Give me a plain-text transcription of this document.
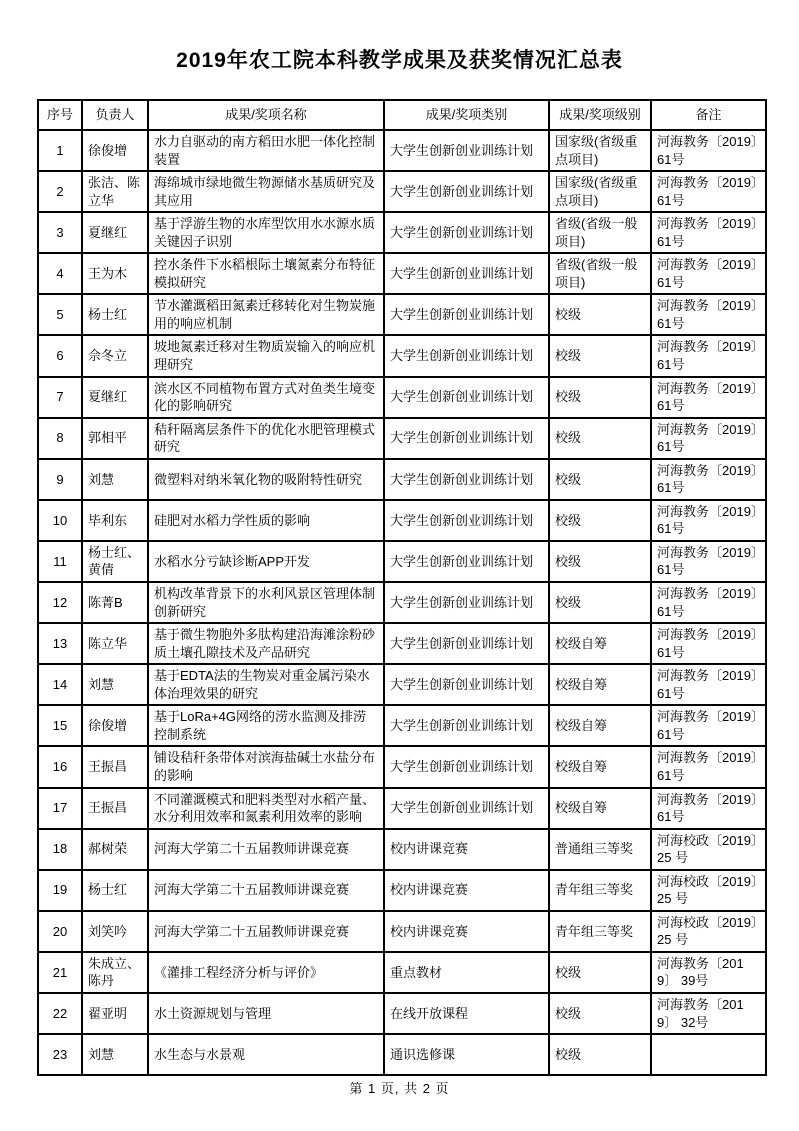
2019年农工院本科教学成果及获奖情况汇总表
序号	负责人	成果/奖项名称	成果/奖项类别	成果/奖项级别	备注
1	徐俊增	水力自驱动的南方稻田水肥一体化控制装置	大学生创新创业训练计划	国家级(省级重点项目)	河海教务〔2019〕61号
2	张洁、陈立华	海绵城市绿地微生物源储水基质研究及其应用	大学生创新创业训练计划	国家级(省级重点项目)	河海教务〔2019〕61号
3	夏继红	基于浮游生物的水库型饮用水水源水质关键因子识别	大学生创新创业训练计划	省级(省级一般项目)	河海教务〔2019〕61号
4	王为木	控水条件下水稻根际土壤氮素分布特征模拟研究	大学生创新创业训练计划	省级(省级一般项目)	河海教务〔2019〕61号
5	杨士红	节水灌溉稻田氮素迁移转化对生物炭施用的响应机制	大学生创新创业训练计划	校级	河海教务〔2019〕61号
6	佘冬立	坡地氮素迁移对生物质炭输入的响应机理研究	大学生创新创业训练计划	校级	河海教务〔2019〕61号
7	夏继红	滨水区不同植物布置方式对鱼类生境变化的影响研究	大学生创新创业训练计划	校级	河海教务〔2019〕61号
8	郭相平	秸秆隔离层条件下的优化水肥管理模式研究	大学生创新创业训练计划	校级	河海教务〔2019〕61号
9	刘慧	微塑料对纳米氧化物的吸附特性研究	大学生创新创业训练计划	校级	河海教务〔2019〕61号
10	毕利东	硅肥对水稻力学性质的影响	大学生创新创业训练计划	校级	河海教务〔2019〕61号
11	杨士红、黄倩	水稻水分亏缺诊断APP开发	大学生创新创业训练计划	校级	河海教务〔2019〕61号
12	陈菁B	机构改革背景下的水利风景区管理体制创新研究	大学生创新创业训练计划	校级	河海教务〔2019〕61号
13	陈立华	基于微生物胞外多肽构建沿海滩涂粉砂质土壤孔隙技术及产品研究	大学生创新创业训练计划	校级自筹	河海教务〔2019〕61号
14	刘慧	基于EDTA法的生物炭对重金属污染水体治理效果的研究	大学生创新创业训练计划	校级自筹	河海教务〔2019〕61号
15	徐俊增	基于LoRa+4G网络的涝水监测及排涝控制系统	大学生创新创业训练计划	校级自筹	河海教务〔2019〕61号
16	王振昌	铺设秸秆条带体对滨海盐碱土水盐分布的影响	大学生创新创业训练计划	校级自筹	河海教务〔2019〕61号
17	王振昌	不同灌溉模式和肥料类型对水稻产量、水分利用效率和氮素利用效率的影响	大学生创新创业训练计划	校级自筹	河海教务〔2019〕61号
18	郝树荣	河海大学第二十五届教师讲课竞赛	校内讲课竞赛	普通组三等奖	河海校政〔2019〕25 号
19	杨士红	河海大学第二十五届教师讲课竞赛	校内讲课竞赛	青年组三等奖	河海校政〔2019〕25 号
20	刘笑吟	河海大学第二十五届教师讲课竞赛	校内讲课竞赛	青年组三等奖	河海校政〔2019〕25 号
21	朱成立、陈丹	《灌排工程经济分析与评价》	重点教材	校级	河海教务〔2019〕 39号
22	翟亚明	水土资源规划与管理	在线开放课程	校级	河海教务〔2019〕 32号
23	刘慧	水生态与水景观	通识选修课	校级	
第 1 页, 共 2 页
